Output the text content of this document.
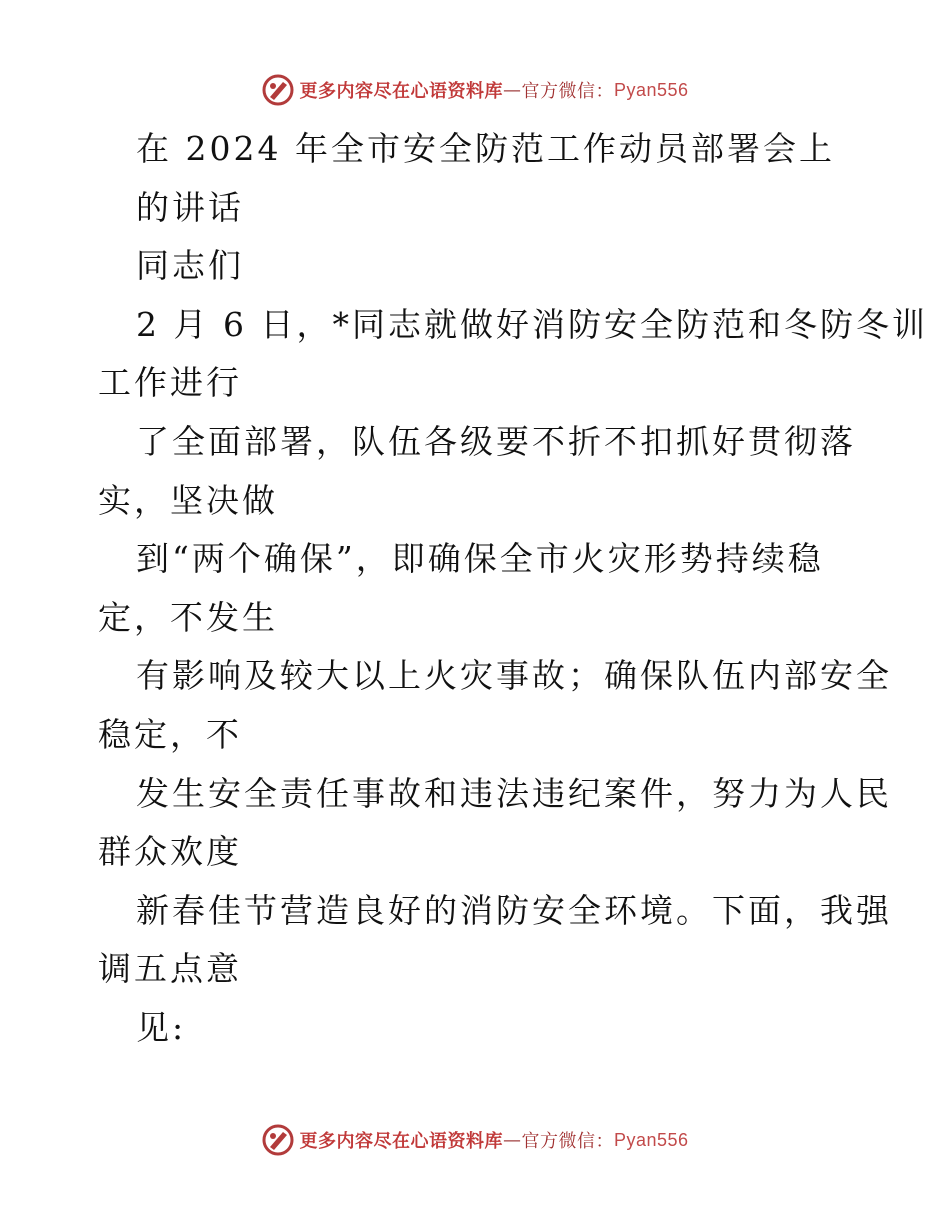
更多内容尽在心语资料库 — 官方微信： Pyan556
在 2024 年全市安全防范工作动员部署会上
的讲话
同志们
2 月 6 日，*同志就做好消防安全防范和冬防冬训
工作进行
了全面部署，队伍各级要不折不扣抓好贯彻落
实，坚决做
到“两个确保”，即确保全市火灾形势持续稳
定，不发生
有影响及较大以上火灾事故；确保队伍内部安全
稳定，不
发生安全责任事故和违法违纪案件，努力为人民
群众欢度
新春佳节营造良好的消防安全环境。下面，我强
调五点意
见:
更多内容尽在心语资料库 — 官方微信： Pyan556
